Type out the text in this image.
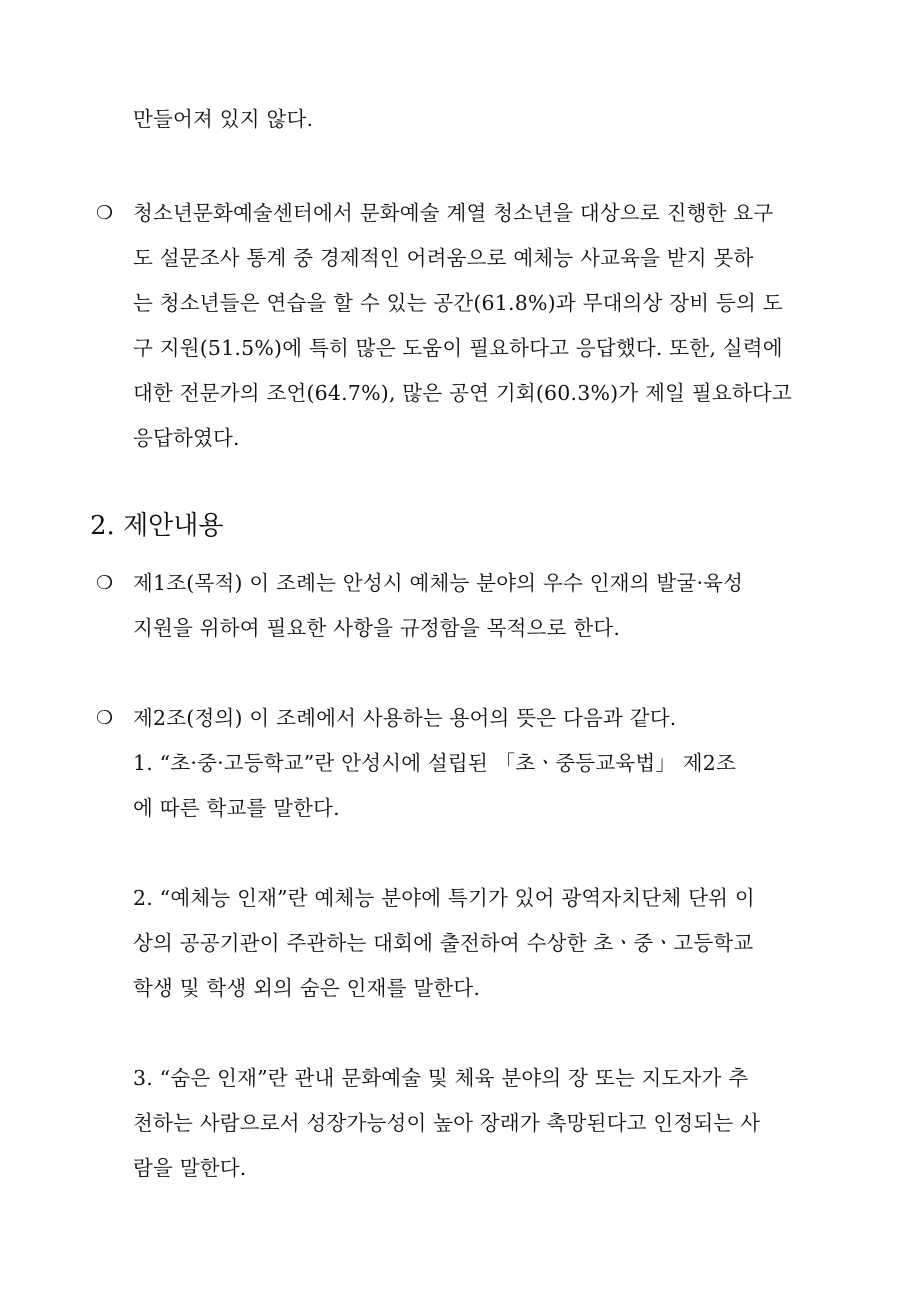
만들어져 있지 않다.
❍ 청소년문화예술센터에서 문화예술 계열 청소년을 대상으로 진행한 요구
도 설문조사 통계 중 경제적인 어려움으로 예체능 사교육을 받지 못하
는 청소년들은 연습을 할 수 있는 공간(61.8%)과 무대의상 장비 등의 도
구 지원(51.5%)에 특히 많은 도움이 필요하다고 응답했다. 또한, 실력에
대한 전문가의 조언(64.7%), 많은 공연 기회(60.3%)가 제일 필요하다고
응답하였다.
2. 제안내용
❍ 제1조(목적) 이 조례는 안성시 예체능 분야의 우수 인재의 발굴·육성
지원을 위하여 필요한 사항을 규정함을 목적으로 한다.
❍ 제2조(정의) 이 조례에서 사용하는 용어의 뜻은 다음과 같다.
1. “초·중·고등학교”란 안성시에 설립된 「초ㆍ중등교육법」 제2조
에 따른 학교를 말한다.
2. “예체능 인재”란 예체능 분야에 특기가 있어 광역자치단체 단위 이
상의 공공기관이 주관하는 대회에 출전하여 수상한 초ㆍ중ㆍ고등학교
학생 및 학생 외의 숨은 인재를 말한다.
3. “숨은 인재”란 관내 문화예술 및 체육 분야의 장 또는 지도자가 추
천하는 사람으로서 성장가능성이 높아 장래가 촉망된다고 인정되는 사
람을 말한다.
